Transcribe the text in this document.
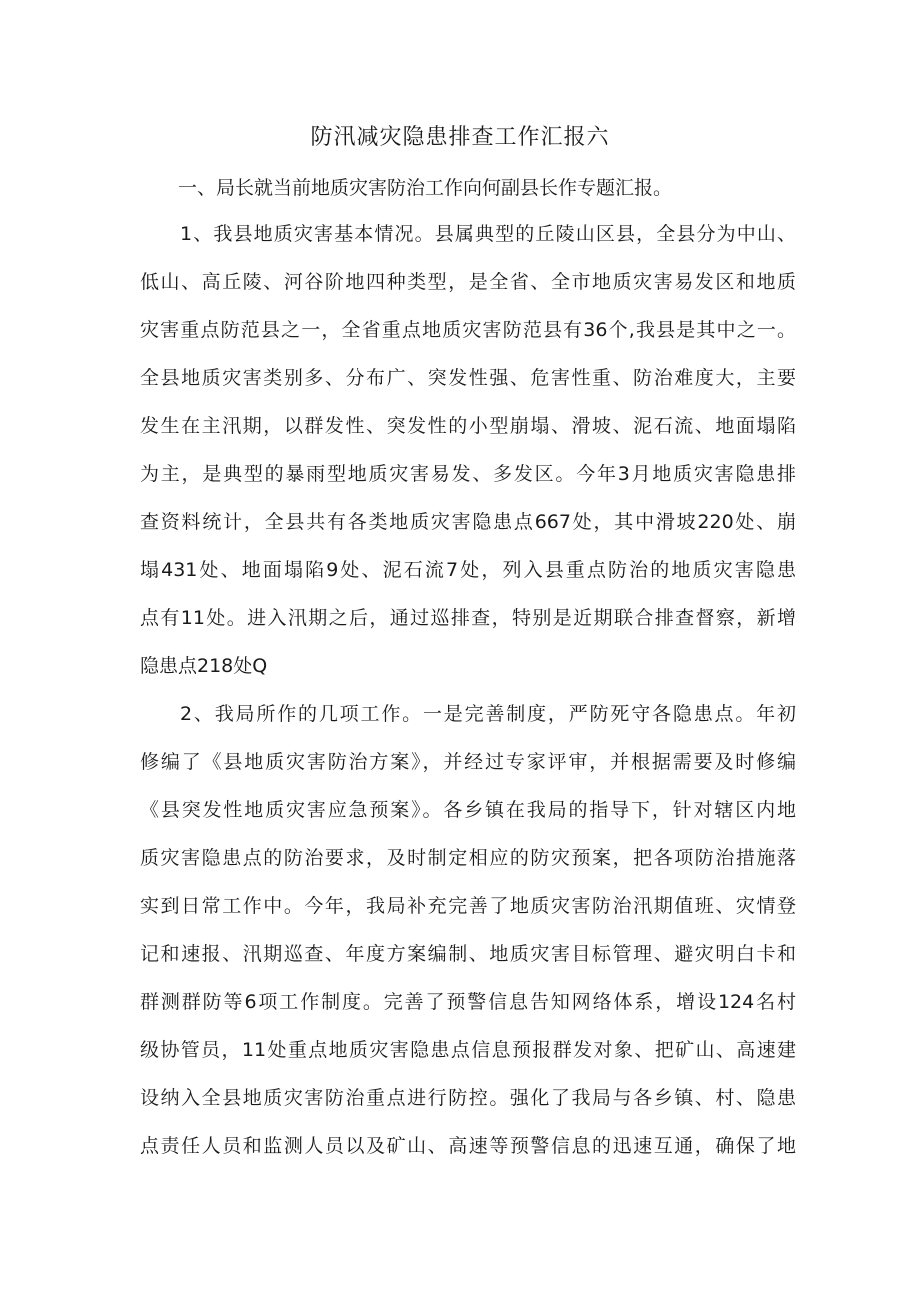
防汛减灾隐患排查工作汇报六
一、局长就当前地质灾害防治工作向何副县长作专题汇报。
1、我县地质灾害基本情况。县属典型的丘陵山区县，全县分为中山、
低山、高丘陵、河谷阶地四种类型，是全省、全市地质灾害易发区和地质
灾害重点防范县之一，全省重点地质灾害防范县有36个,我县是其中之一。
全县地质灾害类别多、分布广、突发性强、危害性重、防治难度大，主要
发生在主汛期，以群发性、突发性的小型崩塌、滑坡、泥石流、地面塌陷
为主，是典型的暴雨型地质灾害易发、多发区。今年3月地质灾害隐患排
查资料统计，全县共有各类地质灾害隐患点667处，其中滑坡220处、崩
塌431处、地面塌陷9处、泥石流7处，列入县重点防治的地质灾害隐患
点有11处。进入汛期之后，通过巡排查，特别是近期联合排查督察，新增
隐患点218处Q
2、我局所作的几项工作。一是完善制度，严防死守各隐患点。年初
修编了《县地质灾害防治方案》，并经过专家评审，并根据需要及时修编
《县突发性地质灾害应急预案》。各乡镇在我局的指导下，针对辖区内地
质灾害隐患点的防治要求，及时制定相应的防灾预案，把各项防治措施落
实到日常工作中。今年，我局补充完善了地质灾害防治汛期值班、灾情登
记和速报、汛期巡查、年度方案编制、地质灾害目标管理、避灾明白卡和
群测群防等6项工作制度。完善了预警信息告知网络体系，增设124名村
级协管员，11处重点地质灾害隐患点信息预报群发对象、把矿山、高速建
设纳入全县地质灾害防治重点进行防控。强化了我局与各乡镇、村、隐患
点责任人员和监测人员以及矿山、高速等预警信息的迅速互通，确保了地
